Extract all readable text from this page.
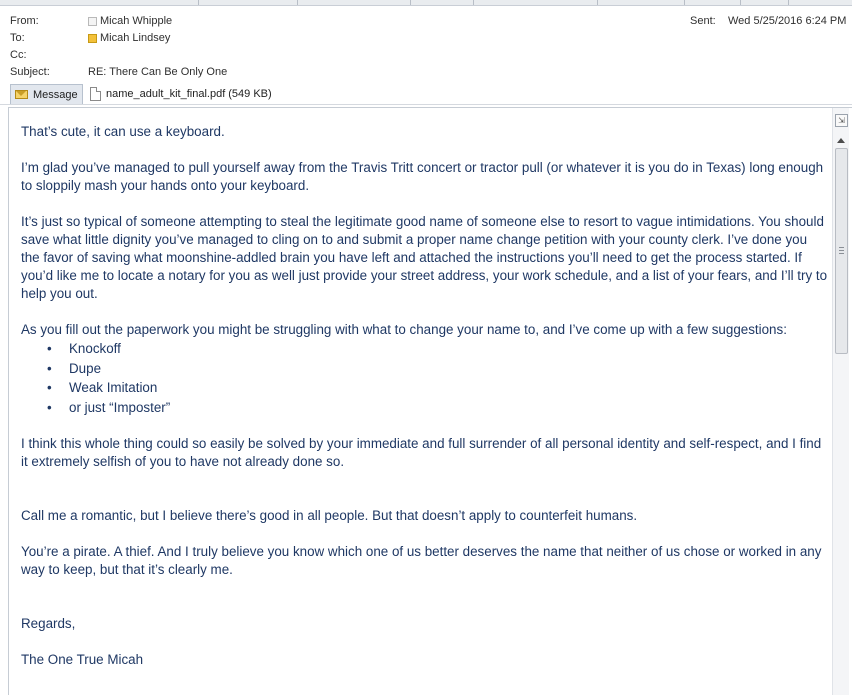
From:	Micah Whipple
To:	Micah Lindsey
Cc:
Subject:	RE: There Can Be Only One
Sent: Wed 5/25/2016 6:24 PM
Message	name_adult_kit_final.pdf (549 KB)

That’s cute, it can use a keyboard.

I’m glad you’ve managed to pull yourself away from the Travis Tritt concert or tractor pull (or whatever it is you do in Texas) long enough to sloppily mash your hands onto your keyboard.

It’s just so typical of someone attempting to steal the legitimate good name of someone else to resort to vague intimidations. You should save what little dignity you’ve managed to cling on to and submit a proper name change petition with your county clerk. I’ve done you the favor of saving what moonshine-addled brain you have left and attached the instructions you’ll need to get the process started. If you’d like me to locate a notary for you as well just provide your street address, your work schedule, and a list of your fears, and I’ll try to help you out.

As you fill out the paperwork you might be struggling with what to change your name to, and I’ve come up with a few suggestions:

• Knockoff
• Dupe
• Weak Imitation
• or just “Imposter”

I think this whole thing could so easily be solved by your immediate and full surrender of all personal identity and self-respect, and I find it extremely selfish of you to have not already done so.

Call me a romantic, but I believe there’s good in all people. But that doesn’t apply to counterfeit humans.

You’re a pirate. A thief. And I truly believe you know which one of us better deserves the name that neither of us chose or worked in any way to keep, but that it’s clearly me.

Regards,

The One True Micah

⇲
